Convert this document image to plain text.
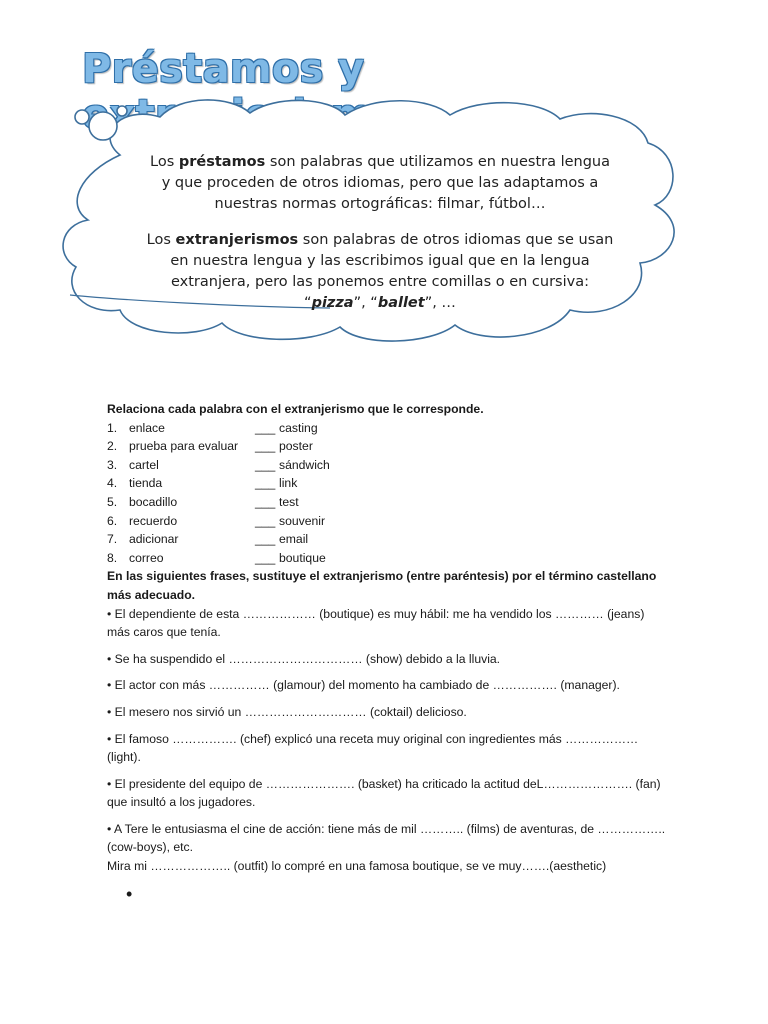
Préstamos y
Los préstamos son palabras que utilizamos en nuestra lengua y que proceden de otros idiomas, pero que las adaptamos a nuestras normas ortográficas: filmar, fútbol…
Los extranjerismos son palabras de otros idiomas que se usan en nuestra lengua y las escribimos igual que en la lengua extranjera, pero las ponemos entre comillas o en cursiva: “pizza”, “ballet”, …
Relaciona cada palabra con el extranjerismo que le corresponde.
1. enlace	___ casting
2. prueba para evaluar	___ poster
3. cartel	___ sándwich
4. tienda	___ link
5. bocadillo	___ test
6. recuerdo	___ souvenir
7. adicionar	___ email
8. correo	___ boutique
En las siguientes frases, sustituye el extranjerismo (entre paréntesis) por el término castellano más adecuado.
• El dependiente de esta ……………… (boutique) es muy hábil: me ha vendido los ………… (jeans) más caros que tenía.
• Se ha suspendido el …………………………… (show) debido a la lluvia.
• El actor con más …………… (glamour) del momento ha cambiado de ……………. (manager).
• El mesero nos sirvió un ………………………… (coktail) delicioso.
• El famoso ……………. (chef) explicó una receta muy original con ingredientes más ………………(light).
• El presidente del equipo de …………………. (basket) ha criticado la actitud deL…………………. (fan) que insultó a los jugadores.
• A Tere le entusiasma el cine de acción: tiene más de mil ……….. (films) de aventuras, de …………….. (cow-boys), etc.
Mira mi ……………….. (outfit) lo compré en una famosa boutique, se ve muy…….(aesthetic)
•
